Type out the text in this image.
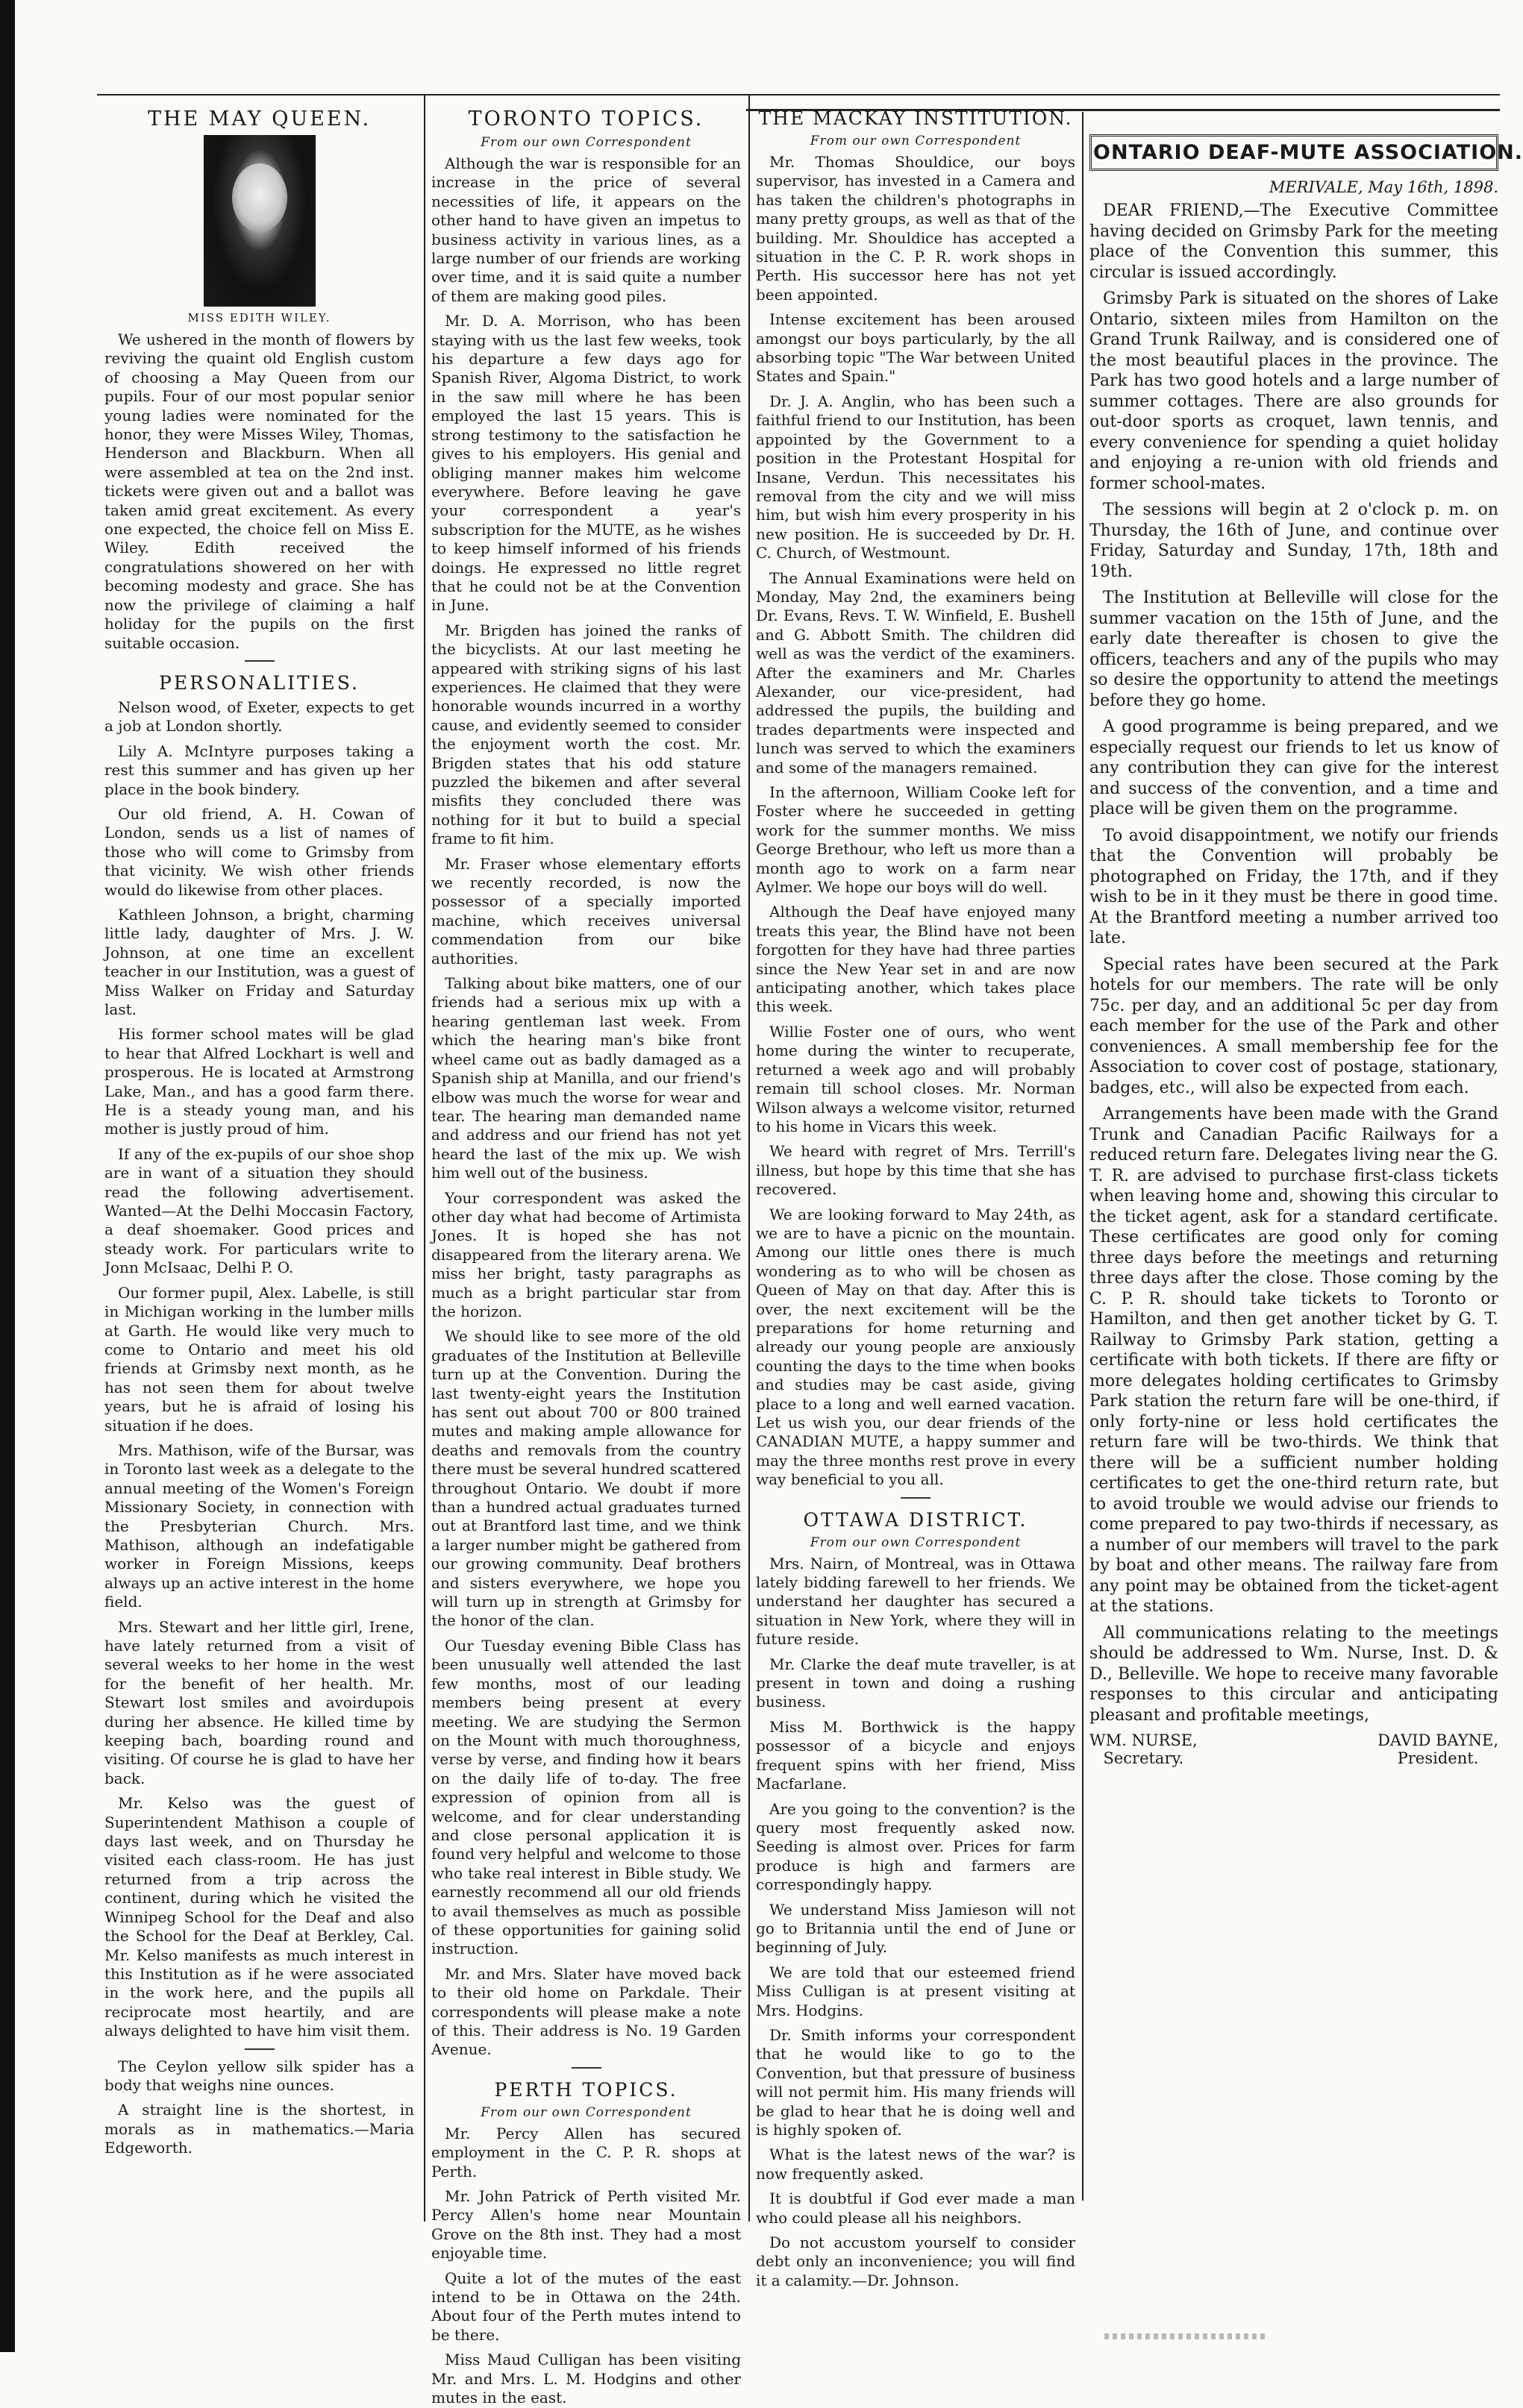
THE MAY QUEEN.
MISS EDITH WILEY.

We ushered in the month of flowers by reviving the quaint old English custom of choosing a May Queen from our pupils. Four of our most popular senior young ladies were nominated for the honor, they were Misses Wiley, Thomas, Henderson and Blackburn. When all were assembled at tea on the 2nd inst. tickets were given out and a ballot was taken amid great excitement. As every one expected, the choice fell on Miss E. Wiley. Edith received the congratulations showered on her with becoming modesty and grace. She has now the privilege of claiming a half holiday for the pupils on the first suitable occasion.

PERSONALITIES.

Nelson wood, of Exeter, expects to get a job at London shortly.

Lily A. McIntyre purposes taking a rest this summer and has given up her place in the book bindery.

Our old friend, A. H. Cowan of London, sends us a list of names of those who will come to Grimsby from that vicinity. We wish other friends would do likewise from other places.

Kathleen Johnson, a bright, charming little lady, daughter of Mrs. J. W. Johnson, at one time an excellent teacher in our Institution, was a guest of Miss Walker on Friday and Saturday last.

His former school mates will be glad to hear that Alfred Lockhart is well and prosperous. He is located at Armstrong Lake, Man., and has a good farm there. He is a steady young man, and his mother is justly proud of him.

If any of the ex-pupils of our shoe shop are in want of a situation they should read the following advertisement. Wanted—At the Delhi Moccasin Factory, a deaf shoemaker. Good prices and steady work. For particulars write to Jonn McIsaac, Delhi P. O.

Our former pupil, Alex. Labelle, is still in Michigan working in the lumber mills at Garth. He would like very much to come to Ontario and meet his old friends at Grimsby next month, as he has not seen them for about twelve years, but he is afraid of losing his situation if he does.

Mrs. Mathison, wife of the Bursar, was in Toronto last week as a delegate to the annual meeting of the Women's Foreign Missionary Society, in connection with the Presbyterian Church. Mrs. Mathison, although an indefatigable worker in Foreign Missions, keeps always up an active interest in the home field.

Mrs. Stewart and her little girl, Irene, have lately returned from a visit of several weeks to her home in the west for the benefit of her health. Mr. Stewart lost smiles and avoirdupois during her absence. He killed time by keeping bach, boarding round and visiting. Of course he is glad to have her back.

Mr. Kelso was the guest of Superintendent Mathison a couple of days last week, and on Thursday he visited each class-room. He has just returned from a trip across the continent, during which he visited the Winnipeg School for the Deaf and also the School for the Deaf at Berkley, Cal. Mr. Kelso manifests as much interest in this Institution as if he were associated in the work here, and the pupils all reciprocate most heartily, and are always delighted to have him visit them.

The Ceylon yellow silk spider has a body that weighs nine ounces.

A straight line is the shortest, in morals as in mathematics.—Maria Edgeworth.

TORONTO TOPICS.
From our own Correspondent

Although the war is responsible for an increase in the price of several necessities of life, it appears on the other hand to have given an impetus to business activity in various lines, as a large number of our friends are working over time, and it is said quite a number of them are making good piles.

Mr. D. A. Morrison, who has been staying with us the last few weeks, took his departure a few days ago for Spanish River, Algoma District, to work in the saw mill where he has been employed the last 15 years. This is strong testimony to the satisfaction he gives to his employers. His genial and obliging manner makes him welcome everywhere. Before leaving he gave your correspondent a year's subscription for the MUTE, as he wishes to keep himself informed of his friends doings. He expressed no little regret that he could not be at the Convention in June.

Mr. Brigden has joined the ranks of the bicyclists. At our last meeting he appeared with striking signs of his last experiences. He claimed that they were honorable wounds incurred in a worthy cause, and evidently seemed to consider the enjoyment worth the cost. Mr. Brigden states that his odd stature puzzled the bikemen and after several misfits they concluded there was nothing for it but to build a special frame to fit him.

Mr. Fraser whose elementary efforts we recently recorded, is now the possessor of a specially imported machine, which receives universal commendation from our bike authorities.

Talking about bike matters, one of our friends had a serious mix up with a hearing gentleman last week. From which the hearing man's bike front wheel came out as badly damaged as a Spanish ship at Manilla, and our friend's elbow was much the worse for wear and tear. The hearing man demanded name and address and our friend has not yet heard the last of the mix up. We wish him well out of the business.

Your correspondent was asked the other day what had become of Artimista Jones. It is hoped she has not disappeared from the literary arena. We miss her bright, tasty paragraphs as much as a bright particular star from the horizon.

We should like to see more of the old graduates of the Institution at Belleville turn up at the Convention. During the last twenty-eight years the Institution has sent out about 700 or 800 trained mutes and making ample allowance for deaths and removals from the country there must be several hundred scattered throughout Ontario. We doubt if more than a hundred actual graduates turned out at Brantford last time, and we think a larger number might be gathered from our growing community. Deaf brothers and sisters everywhere, we hope you will turn up in strength at Grimsby for the honor of the clan.

Our Tuesday evening Bible Class has been unusually well attended the last few months, most of our leading members being present at every meeting. We are studying the Sermon on the Mount with much thoroughness, verse by verse, and finding how it bears on the daily life of to-day. The free expression of opinion from all is welcome, and for clear understanding and close personal application it is found very helpful and welcome to those who take real interest in Bible study. We earnestly recommend all our old friends to avail themselves as much as possible of these opportunities for gaining solid instruction.

Mr. and Mrs. Slater have moved back to their old home on Parkdale. Their correspondents will please make a note of this. Their address is No. 19 Garden Avenue.

PERTH TOPICS.
From our own Correspondent

Mr. Percy Allen has secured employment in the C. P. R. shops at Perth.

Mr. John Patrick of Perth visited Mr. Percy Allen's home near Mountain Grove on the 8th inst. They had a most enjoyable time.

Quite a lot of the mutes of the east intend to be in Ottawa on the 24th. About four of the Perth mutes intend to be there.

Miss Maud Culligan has been visiting Mr. and Mrs. L. M. Hodgins and other mutes in the east.

THE MACKAY INSTITUTION.
From our own Correspondent

Mr. Thomas Shouldice, our boys supervisor, has invested in a Camera and has taken the children's photographs in many pretty groups, as well as that of the building. Mr. Shouldice has accepted a situation in the C. P. R. work shops in Perth. His successor here has not yet been appointed.

Intense excitement has been aroused amongst our boys particularly, by the all absorbing topic "The War between United States and Spain."

Dr. J. A. Anglin, who has been such a faithful friend to our Institution, has been appointed by the Government to a position in the Protestant Hospital for Insane, Verdun. This necessitates his removal from the city and we will miss him, but wish him every prosperity in his new position. He is succeeded by Dr. H. C. Church, of Westmount.

The Annual Examinations were held on Monday, May 2nd, the examiners being Dr. Evans, Revs. T. W. Winfield, E. Bushell and G. Abbott Smith. The children did well as was the verdict of the examiners. After the examiners and Mr. Charles Alexander, our vice-president, had addressed the pupils, the building and trades departments were inspected and lunch was served to which the examiners and some of the managers remained.

In the afternoon, William Cooke left for Foster where he succeeded in getting work for the summer months. We miss George Brethour, who left us more than a month ago to work on a farm near Aylmer. We hope our boys will do well.

Although the Deaf have enjoyed many treats this year, the Blind have not been forgotten for they have had three parties since the New Year set in and are now anticipating another, which takes place this week.

Willie Foster one of ours, who went home during the winter to recuperate, returned a week ago and will probably remain till school closes. Mr. Norman Wilson always a welcome visitor, returned to his home in Vicars this week.

We heard with regret of Mrs. Terrill's illness, but hope by this time that she has recovered.

We are looking forward to May 24th, as we are to have a picnic on the mountain. Among our little ones there is much wondering as to who will be chosen as Queen of May on that day. After this is over, the next excitement will be the preparations for home returning and already our young people are anxiously counting the days to the time when books and studies may be cast aside, giving place to a long and well earned vacation. Let us wish you, our dear friends of the CANADIAN MUTE, a happy summer and may the three months rest prove in every way beneficial to you all.

OTTAWA DISTRICT.
From our own Correspondent

Mrs. Nairn, of Montreal, was in Ottawa lately bidding farewell to her friends. We understand her daughter has secured a situation in New York, where they will in future reside.

Mr. Clarke the deaf mute traveller, is at present in town and doing a rushing business.

Miss M. Borthwick is the happy possessor of a bicycle and enjoys frequent spins with her friend, Miss Macfarlane.

Are you going to the convention? is the query most frequently asked now. Seeding is almost over. Prices for farm produce is high and farmers are correspondingly happy.

We understand Miss Jamieson will not go to Britannia until the end of June or beginning of July.

We are told that our esteemed friend Miss Culligan is at present visiting at Mrs. Hodgins.

Dr. Smith informs your correspondent that he would like to go to the Convention, but that pressure of business will not permit him. His many friends will be glad to hear that he is doing well and is highly spoken of.

What is the latest news of the war? is now frequently asked.

It is doubtful if God ever made a man who could please all his neighbors.

Do not accustom yourself to consider debt only an inconvenience; you will find it a calamity.—Dr. Johnson.

ONTARIO DEAF-MUTE ASSOCIATION.
MERIVALE, May 16th, 1898.

DEAR FRIEND,—The Executive Committee having decided on Grimsby Park for the meeting place of the Convention this summer, this circular is issued accordingly.

Grimsby Park is situated on the shores of Lake Ontario, sixteen miles from Hamilton on the Grand Trunk Railway, and is considered one of the most beautiful places in the province. The Park has two good hotels and a large number of summer cottages. There are also grounds for out-door sports as croquet, lawn tennis, and every convenience for spending a quiet holiday and enjoying a re-union with old friends and former school-mates.

The sessions will begin at 2 o'clock p. m. on Thursday, the 16th of June, and continue over Friday, Saturday and Sunday, 17th, 18th and 19th.

The Institution at Belleville will close for the summer vacation on the 15th of June, and the early date thereafter is chosen to give the officers, teachers and any of the pupils who may so desire the opportunity to attend the meetings before they go home.

A good programme is being prepared, and we especially request our friends to let us know of any contribution they can give for the interest and success of the convention, and a time and place will be given them on the programme.

To avoid disappointment, we notify our friends that the Convention will probably be photographed on Friday, the 17th, and if they wish to be in it they must be there in good time. At the Brantford meeting a number arrived too late.

Special rates have been secured at the Park hotels for our members. The rate will be only 75c. per day, and an additional 5c per day from each member for the use of the Park and other conveniences. A small membership fee for the Association to cover cost of postage, stationary, badges, etc., will also be expected from each.

Arrangements have been made with the Grand Trunk and Canadian Pacific Railways for a reduced return fare. Delegates living near the G. T. R. are advised to purchase first-class tickets when leaving home and, showing this circular to the ticket agent, ask for a standard certificate. These certificates are good only for coming three days before the meetings and returning three days after the close. Those coming by the C. P. R. should take tickets to Toronto or Hamilton, and then get another ticket by G. T. Railway to Grimsby Park station, getting a certificate with both tickets. If there are fifty or more delegates holding certificates to Grimsby Park station the return fare will be one-third, if only forty-nine or less hold certificates the return fare will be two-thirds. We think that there will be a sufficient number holding certificates to get the one-third return rate, but to avoid trouble we would advise our friends to come prepared to pay two-thirds if necessary, as a number of our members will travel to the park by boat and other means. The railway fare from any point may be obtained from the ticket-agent at the stations.

All communications relating to the meetings should be addressed to Wm. Nurse, Inst. D. & D., Belleville. We hope to receive many favorable responses to this circular and anticipating pleasant and profitable meetings,

WM. NURSE,
Secretary.
DAVID BAYNE,
President.
